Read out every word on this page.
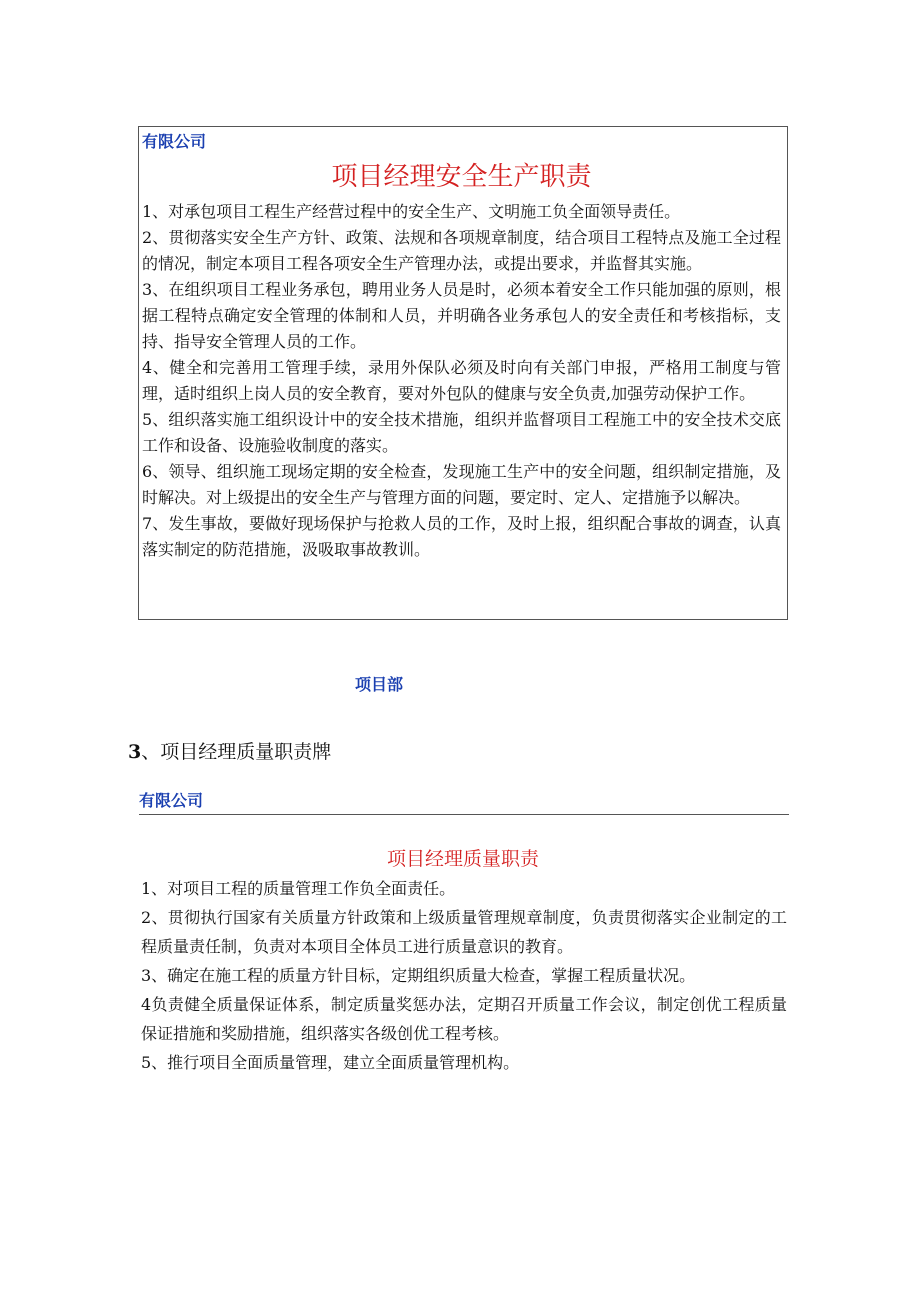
有限公司
项目经理安全生产职责

1、对承包项目工程生产经营过程中的安全生产、文明施工负全面领导责任。

2、贯彻落实安全生产方针、政策、法规和各项规章制度，结合项目工程特点及施工全过程的情况，制定本项目工程各项安全生产管理办法，或提出要求，并监督其实施。

3、在组织项目工程业务承包，聘用业务人员是时，必须本着安全工作只能加强的原则，根据工程特点确定安全管理的体制和人员，并明确各业务承包人的安全责任和考核指标，支持、指导安全管理人员的工作。

4、健全和完善用工管理手续，录用外保队必须及时向有关部门申报，严格用工制度与管理，适时组织上岗人员的安全教育，要对外包队的健康与安全负责,加强劳动保护工作。

5、组织落实施工组织设计中的安全技术措施，组织并监督项目工程施工中的安全技术交底工作和设备、设施验收制度的落实。

6、领导、组织施工现场定期的安全检查，发现施工生产中的安全问题，组织制定措施，及时解决。对上级提出的安全生产与管理方面的问题，要定时、定人、定措施予以解决。

7、发生事故，要做好现场保护与抢救人员的工作，及时上报，组织配合事故的调查，认真落实制定的防范措施，汲吸取事故教训。

项目部
3、项目经理质量职责牌
有限公司
项目经理质量职责

1、对项目工程的质量管理工作负全面责任。

2、贯彻执行国家有关质量方针政策和上级质量管理规章制度，负责贯彻落实企业制定的工程质量责任制，负责对本项目全体员工进行质量意识的教育。

3、确定在施工程的质量方针目标，定期组织质量大检查，掌握工程质量状况。

4负责健全质量保证体系，制定质量奖惩办法，定期召开质量工作会议，制定创优工程质量保证措施和奖励措施，组织落实各级创优工程考核。

5、推行项目全面质量管理，建立全面质量管理机构。
